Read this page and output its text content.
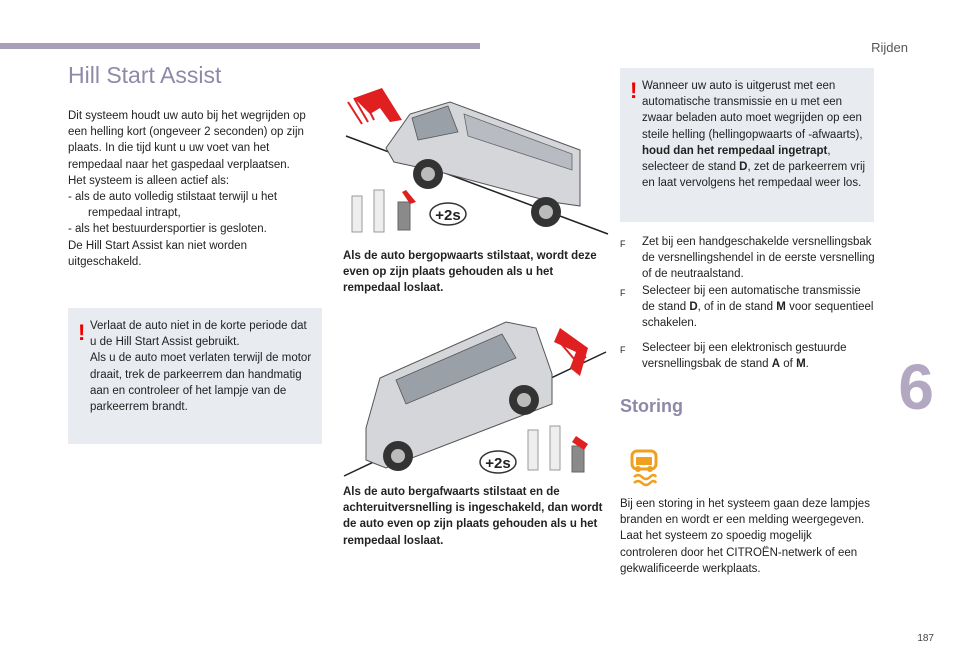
Rijden
6
187
Hill Start Assist

Dit systeem houdt uw auto bij het wegrijden op een helling kort (ongeveer 2 seconden) op zijn plaats. In die tijd kunt u uw voet van het rempedaal naar het gaspedaal verplaatsen.

Het systeem is alleen actief als:

- als de auto volledig stilstaat terwijl u het rempedaal intrapt,

- als het bestuurdersportier is gesloten.

De Hill Start Assist kan niet worden uitgeschakeld.

! Verlaat de auto niet in de korte periode dat u de Hill Start Assist gebruikt.

Als u de auto moet verlaten terwijl de motor draait, trek de parkeerrem dan handmatig aan en controleer of het lampje van de parkeerrem brandt.

+2s
Als de auto bergopwaarts stilstaat, wordt deze even op zijn plaats gehouden als u het rempedaal loslaat.
+2s
Als de auto bergafwaarts stilstaat en de achteruitversnelling is ingeschakeld, dan wordt de auto even op zijn plaats gehouden als u het rempedaal loslaat.
! Wanneer uw auto is uitgerust met een automatische transmissie en u met een zwaar beladen auto moet wegrijden op een steile helling (hellingopwaarts of -afwaarts), houd dan het rempedaal ingetrapt, selecteer de stand D, zet de parkeerrem vrij en laat vervolgens het rempedaal weer los.

F	Zet bij een handgeschakelde versnellingsbak de versnellingshendel in de eerste versnelling of de neutraalstand.
F	Selecteer bij een automatische transmissie de stand D, of in de stand M voor sequentieel schakelen.
F	Selecteer bij een elektronisch gestuurde versnellingsbak de stand A of M.
Storing
Bij een storing in het systeem gaan deze lampjes branden en wordt er een melding weergegeven. Laat het systeem zo spoedig mogelijk controleren door het CITROËN-netwerk of een gekwalificeerde werkplaats.
